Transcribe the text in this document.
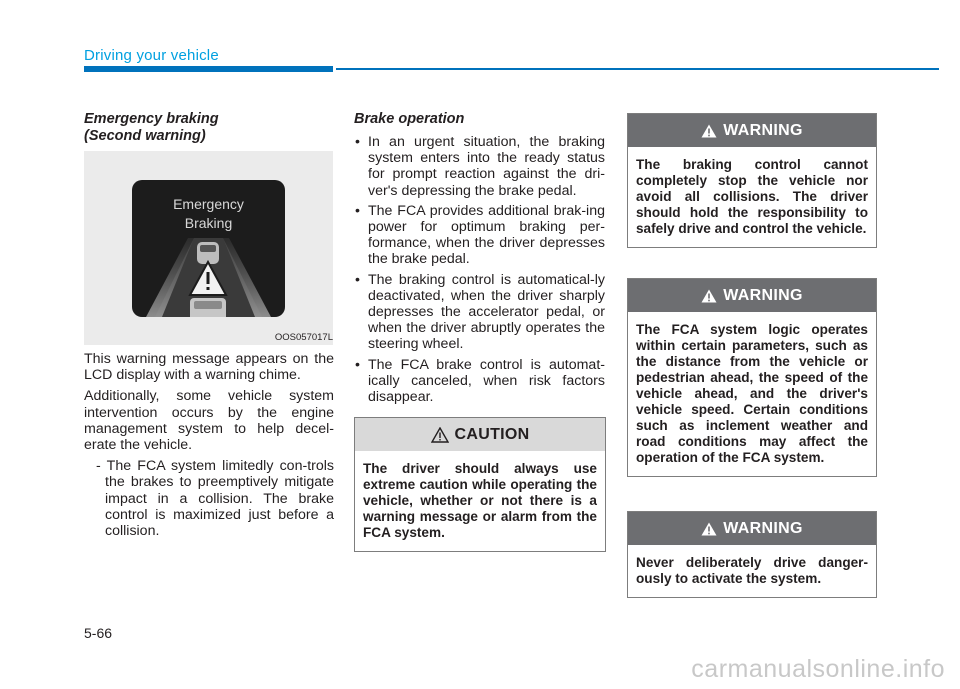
Driving your vehicle
Emergency braking
(Second warning)
Emergency
Braking
OOS057017L

This warning message appears on the LCD display with a warning chime.

Additionally, some vehicle system intervention occurs by the engine management system to help decel-erate the vehicle.

- The FCA system limitedly con-trols the brakes to preemptively mitigate impact in a collision. The brake control is maximized just before a collision.
Brake operation
• In an urgent situation, the braking system enters into the ready status for prompt reaction against the dri-ver's depressing the brake pedal.
• The FCA provides additional brak-ing power for optimum braking per-formance, when the driver depresses the brake pedal.
• The braking control is automatical-ly deactivated, when the driver sharply depresses the accelerator pedal, or when the driver abruptly operates the steering wheel.
• The FCA brake control is automat-ically canceled, when risk factors disappear.
CAUTION
The driver should always use extreme caution while operating the vehicle, whether or not there is a warning message or alarm from the FCA system.
WARNING
The braking control cannot completely stop the vehicle nor avoid all collisions. The driver should hold the responsibility to safely drive and control the vehicle.
WARNING
The FCA system logic operates within certain parameters, such as the distance from the vehicle or pedestrian ahead, the speed of the vehicle ahead, and the driver's vehicle speed. Certain conditions such as inclement weather and road conditions may affect the operation of the FCA system.
WARNING
Never deliberately drive danger-ously to activate the system.
5-66
carmanualsonline.info
